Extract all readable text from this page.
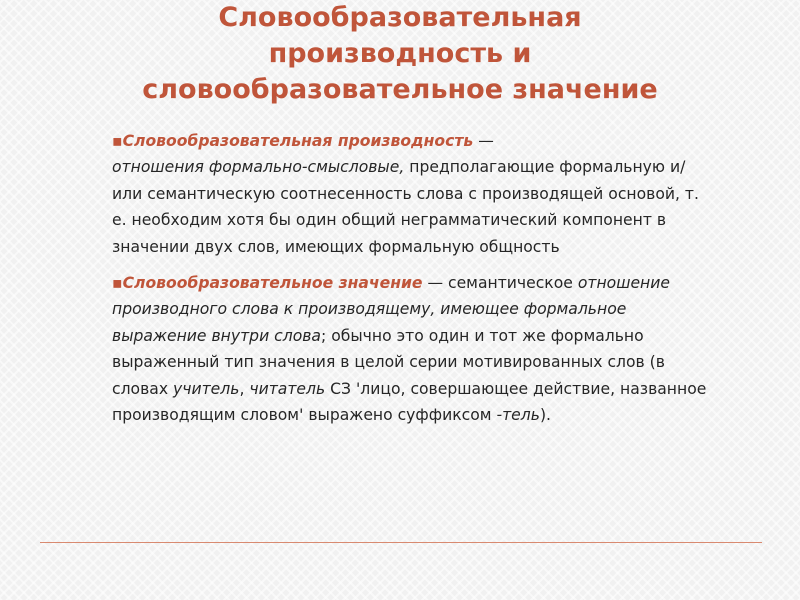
Словообразовательная
производность и
словообразовательное значение

▪Словообразовательная производность —
отношения формально-смысловые, предполагающие формальную и/или семантическую соотнесенность слова с производящей основой, т. е. необходим хотя бы один общий неграмматический компонент в значении двух слов, имеющих формальную общность

▪Словообразовательное значение — семантическое отношение производного слова к производящему, имеющее формальное выражение внутри слова; обычно это один и тот же формально выраженный тип значения в целой серии мотивированных слов (в словах учитель, читатель СЗ 'лицо, совершающее действие, названное производящим словом' выражено суффиксом -тель).
